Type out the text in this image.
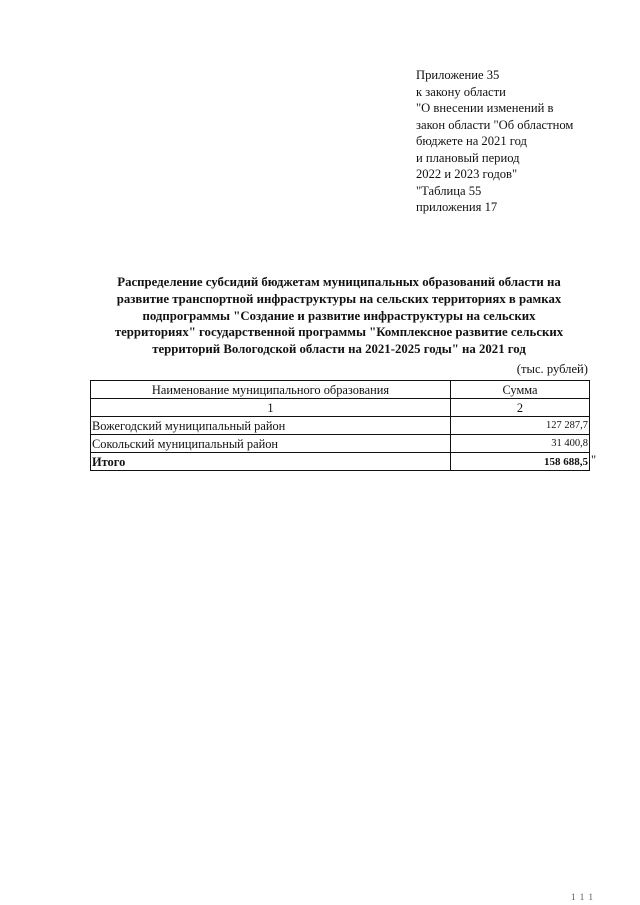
Приложение 35
к закону области
"О внесении изменений в
закон области "Об областном
бюджете на 2021 год
и плановый период
2022 и 2023 годов"
"Таблица 55
приложения 17
Распределение субсидий бюджетам муниципальных образований области на
развитие транспортной инфраструктуры на сельских территориях в рамках
подпрограммы "Создание и развитие инфраструктуры на сельских
территориях" государственной программы "Комплексное развитие сельских
территорий Вологодской области на 2021-2025 годы" на 2021 год
(тыс. рублей)
Наименование муниципального образования	Сумма
1	2
Вожегодский муниципальный район	127 287,7
Сокольский муниципальный район	31 400,8
Итого	158 688,5 "
1 1 1
